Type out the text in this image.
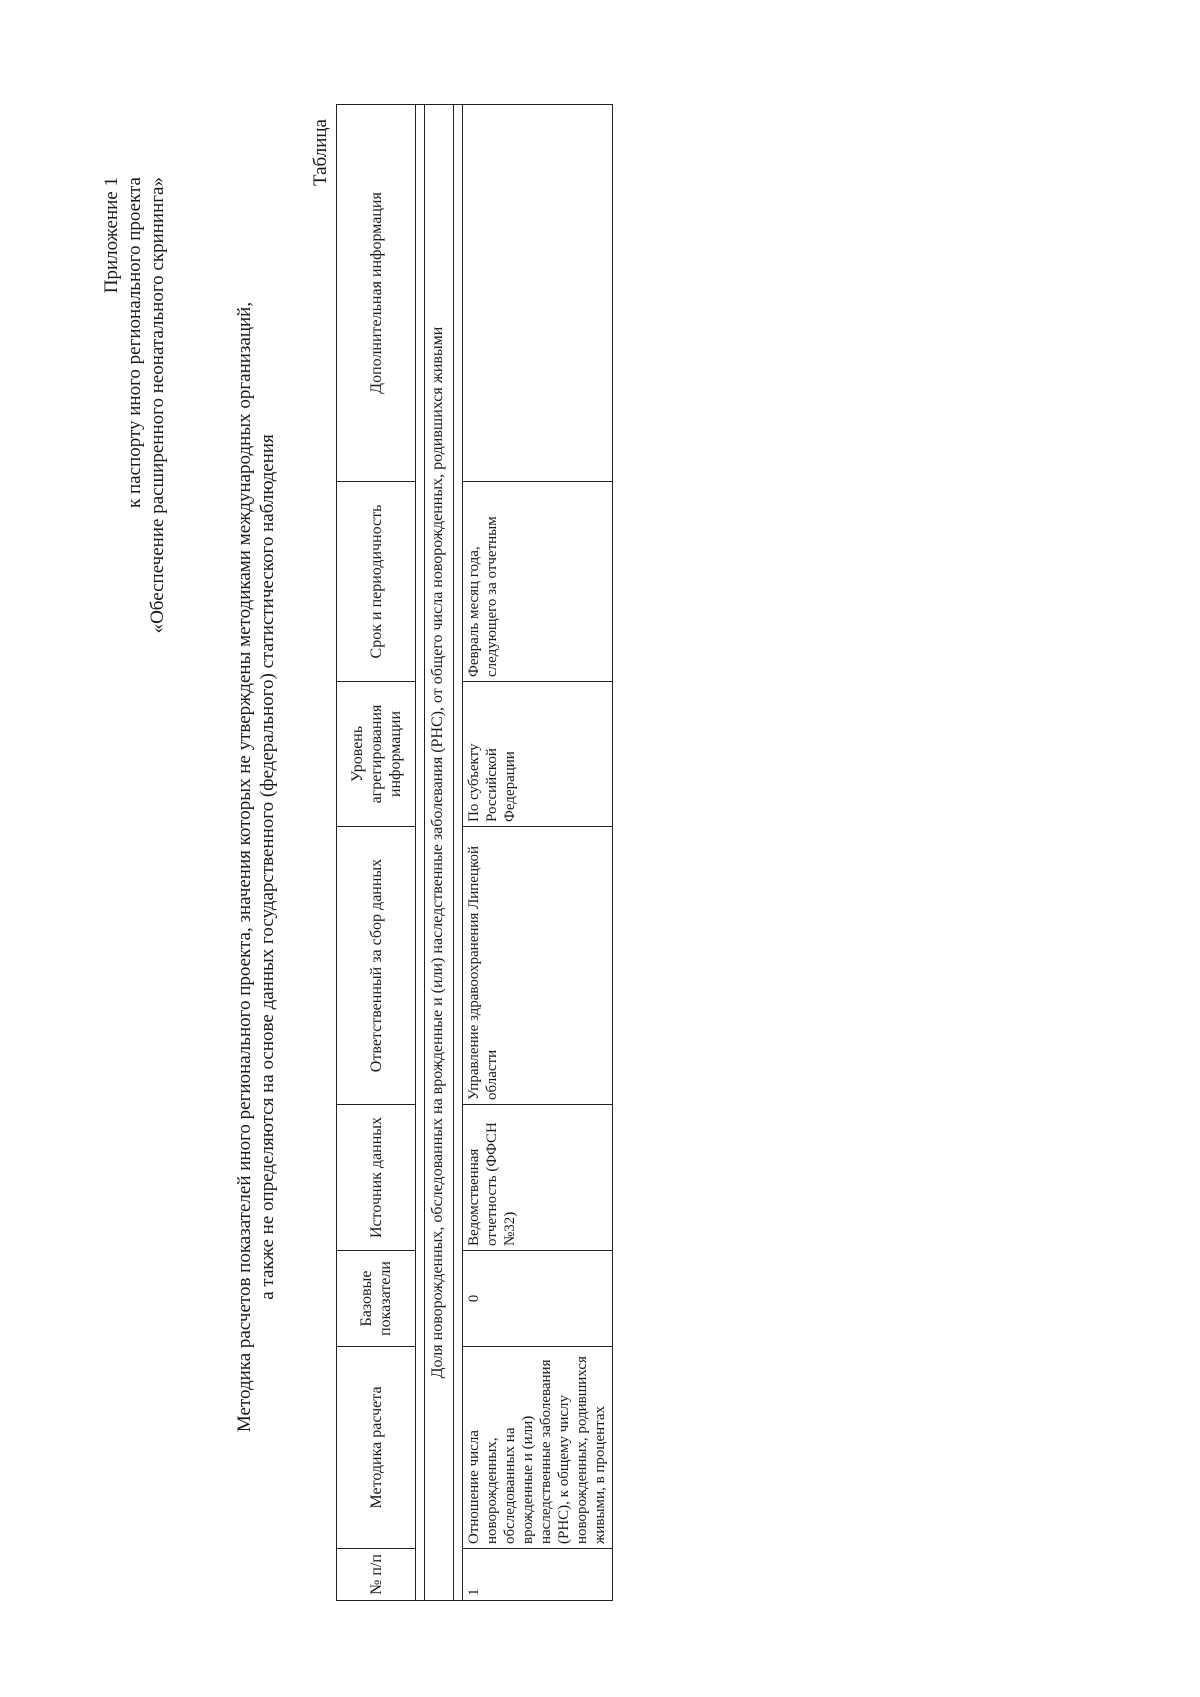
Приложение 1 к паспорту иного регионального проекта «Обеспечение расширенного неонатального скрининга»	Методика расчетов показателей иного регионального проекта, значения которых не утверждены методиками международных организаций, а также не определяются на основе данных государственного (федерального) статистического наблюдения
Таблица
№ п/п	Методика расчета	Базовые показатели	Источник данных	Ответственный за сбор данных	Уровень агрегирования информации	Срок и периодичность	Дополнительная информация

Доля новорожденных, обследованных на врожденные и (или) наследственные заболевания (РНС), от общего числа новорожденных, родившихся живыми							

1	Отношение числа новорожденных, обследованных на врожденные и (или) наследственные заболевания (РНС), к общему числу новорожденных, родившихся живыми, в процентах	0	Ведомственная отчетность (ФФСН №32)	Управление здравоохранения Липецкой области	По субъекту Российской Федерации	Февраль месяц года, следующего за отчетным	
